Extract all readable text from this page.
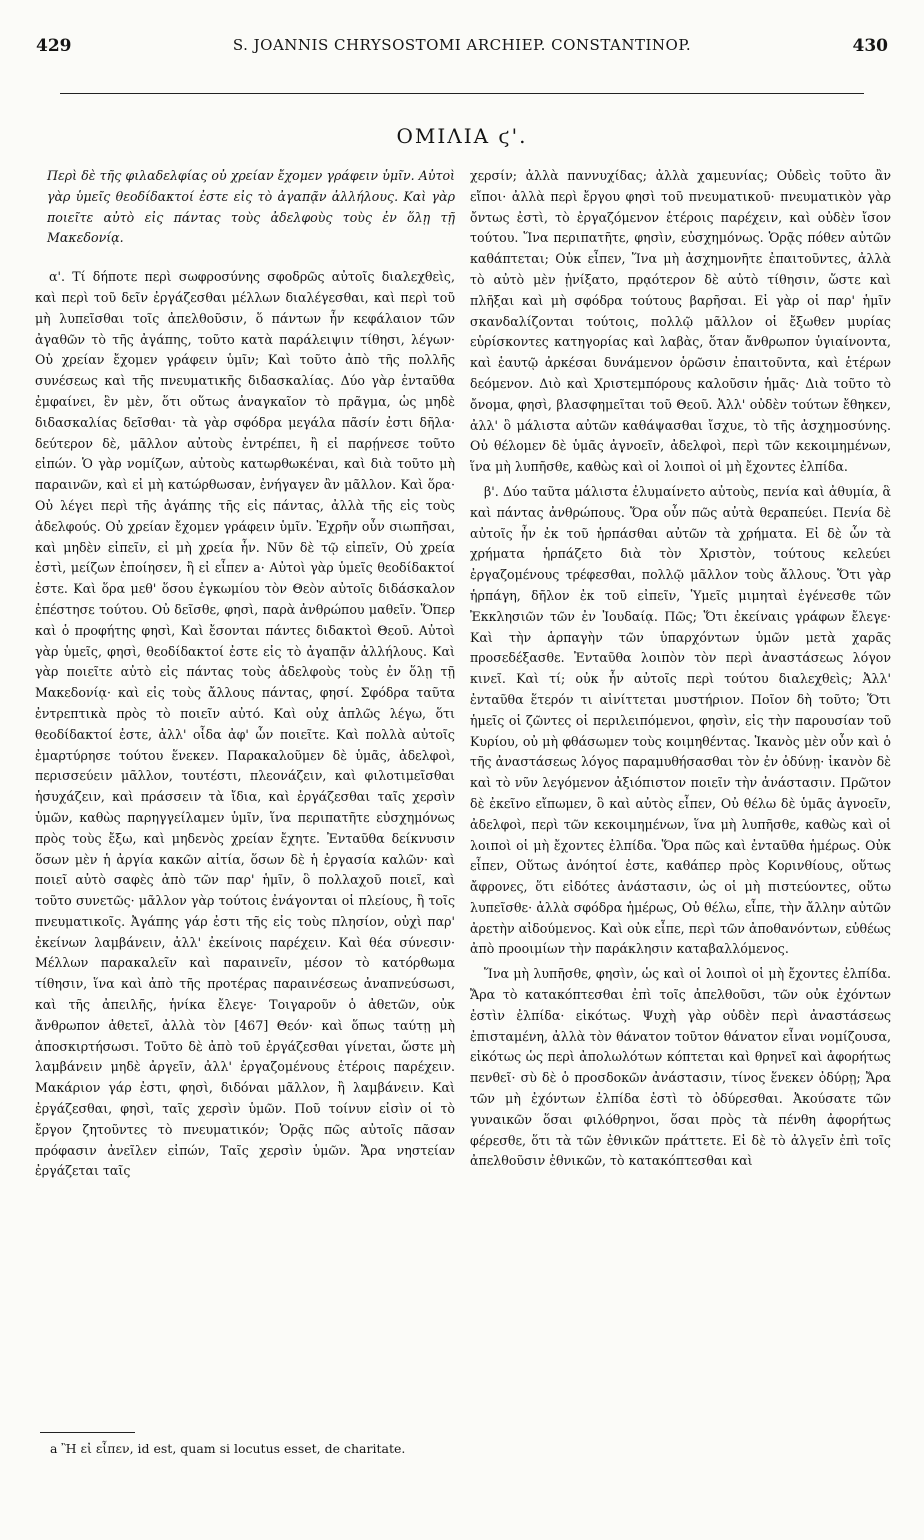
429	S. JOANNIS CHRYSOSTOMI ARCHIEP. CONSTANTINOP.	430
ΟΜΙΛΙΑ ϛ'.

Περὶ δὲ τῆς φιλαδελφίας οὐ χρείαν ἔχομεν γράφειν ὑμῖν. Αὐτοὶ γὰρ ὑμεῖς θεοδίδακτοί ἐστε εἰς τὸ ἀγαπᾷν ἀλλήλους. Καὶ γὰρ ποιεῖτε αὐτὸ εἰς πάντας τοὺς ἀδελφοὺς τοὺς ἐν ὅλῃ τῇ Μακεδονίᾳ.

α'. Τί δήποτε περὶ σωφροσύνης σφοδρῶς αὐτοῖς διαλεχθεὶς, καὶ περὶ τοῦ δεῖν ἐργάζεσθαι μέλλων διαλέγεσθαι, καὶ περὶ τοῦ μὴ λυπεῖσθαι τοῖς ἀπελθοῦσιν, ὅ πάντων ἦν κεφάλαιον τῶν ἀγαθῶν τὸ τῆς ἀγάπης, τοῦτο κατὰ παράλειψιν τίθησι, λέγων· Οὐ χρείαν ἔχομεν γράφειν ὑμῖν; Καὶ τοῦτο ἀπὸ τῆς πολλῆς συνέσεως καὶ τῆς πνευματικῆς διδασκαλίας. Δύο γὰρ ἐνταῦθα ἐμφαίνει, ἓν μὲν, ὅτι οὕτως ἀναγκαῖον τὸ πρᾶγμα, ὡς μηδὲ διδασκαλίας δεῖσθαι· τὰ γὰρ σφόδρα μεγάλα πᾶσίν ἐστι δῆλα· δεύτερον δὲ, μᾶλλον αὐτοὺς ἐντρέπει, ἢ εἰ παρῄνεσε τοῦτο εἰπών. Ὁ γὰρ νομίζων, αὐτοὺς κατωρθωκέναι, καὶ διὰ τοῦτο μὴ παραινῶν, καὶ εἰ μὴ κατώρθωσαν, ἐνήγαγεν ἂν μᾶλλον. Καὶ ὅρα· Οὐ λέγει περὶ τῆς ἀγάπης τῆς εἰς πάντας, ἀλλὰ τῆς εἰς τοὺς ἀδελφούς. Οὐ χρείαν ἔχομεν γράφειν ὑμῖν. Ἐχρῆν οὖν σιωπῆσαι, καὶ μηδὲν εἰπεῖν, εἰ μὴ χρεία ἦν. Νῦν δὲ τῷ εἰπεῖν, Οὐ χρεία ἐστὶ, μείζων ἐποίησεν, ἢ εἰ εἶπεν a· Αὐτοὶ γὰρ ὑμεῖς θεοδίδακτοί ἐστε. Καὶ ὅρα μεθ' ὅσου ἐγκωμίου τὸν Θεὸν αὐτοῖς διδάσκαλον ἐπέστησε τούτου. Οὐ δεῖσθε, φησὶ, παρὰ ἀνθρώπου μαθεῖν. Ὅπερ καὶ ὁ προφήτης φησὶ, Καὶ ἔσονται πάντες διδακτοὶ Θεοῦ. Αὐτοὶ γὰρ ὑμεῖς, φησὶ, θεοδίδακτοί ἐστε εἰς τὸ ἀγαπᾷν ἀλλήλους. Καὶ γὰρ ποιεῖτε αὐτὸ εἰς πάντας τοὺς ἀδελφοὺς τοὺς ἐν ὅλῃ τῇ Μακεδονίᾳ· καὶ εἰς τοὺς ἄλλους πάντας, φησί. Σφόδρα ταῦτα ἐντρεπτικὰ πρὸς τὸ ποιεῖν αὐτό. Καὶ οὐχ ἁπλῶς λέγω, ὅτι θεοδίδακτοί ἐστε, ἀλλ' οἶδα ἀφ' ὧν ποιεῖτε. Καὶ πολλὰ αὐτοῖς ἐμαρτύρησε τούτου ἕνεκεν. Παρακαλοῦμεν δὲ ὑμᾶς, ἀδελφοὶ, περισσεύειν μᾶλλον, τουτέστι, πλεονάζειν, καὶ φιλοτιμεῖσθαι ἡσυχάζειν, καὶ πράσσειν τὰ ἴδια, καὶ ἐργάζεσθαι ταῖς χερσὶν ὑμῶν, καθὼς παρηγγείλαμεν ὑμῖν, ἵνα περιπατῆτε εὐσχημόνως πρὸς τοὺς ἔξω, καὶ μηδενὸς χρείαν ἔχητε. Ἐνταῦθα δείκνυσιν ὅσων μὲν ἡ ἀργία κακῶν αἰτία, ὅσων δὲ ἡ ἐργασία καλῶν· καὶ ποιεῖ αὐτὸ σαφὲς ἀπὸ τῶν παρ' ἡμῖν, ὃ πολλαχοῦ ποιεῖ, καὶ τοῦτο συνετῶς· μᾶλλον γὰρ τούτοις ἐνάγονται οἱ πλείους, ἢ τοῖς πνευματικοῖς. Ἀγάπης γάρ ἐστι τῆς εἰς τοὺς πλησίον, οὐχὶ παρ' ἐκείνων λαμβάνειν, ἀλλ' ἐκείνοις παρέχειν. Καὶ θέα σύνεσιν· Μέλλων παρακαλεῖν καὶ παραινεῖν, μέσον τὸ κατόρθωμα τίθησιν, ἵνα καὶ ἀπὸ τῆς προτέρας παραινέσεως ἀναπνεύσωσι, καὶ τῆς ἀπειλῆς, ἡνίκα ἔλεγε· Τοιγαροῦν ὁ ἀθετῶν, οὐκ ἄνθρωπον ἀθετεῖ, ἀλλὰ τὸν [467] Θεόν· καὶ ὅπως ταύτῃ μὴ ἀποσκιρτήσωσι. Τοῦτο δὲ ἀπὸ τοῦ ἐργάζεσθαι γίνεται, ὥστε μὴ λαμβάνειν μηδὲ ἀργεῖν, ἀλλ' ἐργαζομένους ἑτέροις παρέχειν. Μακάριον γάρ ἐστι, φησὶ, διδόναι μᾶλλον, ἢ λαμβάνειν. Καὶ ἐργάζεσθαι, φησὶ, ταῖς χερσὶν ὑμῶν. Ποῦ τοίνυν εἰσὶν οἱ τὸ ἔργον ζητοῦντες τὸ πνευματικόν; Ὁρᾷς πῶς αὐτοῖς πᾶσαν πρόφασιν ἀνεῖλεν εἰπών, Ταῖς χερσὶν ὑμῶν. Ἄρα νηστείαν ἐργάζεται ταῖς

χερσίν; ἀλλὰ παννυχίδας; ἀλλὰ χαμευνίας; Οὐδεὶς τοῦτο ἂν εἴποι· ἀλλὰ περὶ ἔργου φησὶ τοῦ πνευματικοῦ· πνευματικὸν γὰρ ὄντως ἐστὶ, τὸ ἐργαζόμενον ἑτέροις παρέχειν, καὶ οὐδὲν ἴσον τούτου. Ἵνα περιπατῆτε, φησὶν, εὐσχημόνως. Ὁρᾷς πόθεν αὐτῶν καθάπτεται; Οὐκ εἶπεν, Ἵνα μὴ ἀσχημονῆτε ἐπαιτοῦντες, ἀλλὰ τὸ αὐτὸ μὲν ᾐνίξατο, πρᾳότερον δὲ αὐτὸ τίθησιν, ὥστε καὶ πλῆξαι καὶ μὴ σφόδρα τούτους βαρῆσαι. Εἰ γὰρ οἱ παρ' ἡμῖν σκανδαλίζονται τούτοις, πολλῷ μᾶλλον οἱ ἔξωθεν μυρίας εὑρίσκοντες κατηγορίας καὶ λαβὰς, ὅταν ἄνθρωπον ὑγιαίνοντα, καὶ ἑαυτῷ ἀρκέσαι δυνάμενον ὁρῶσιν ἐπαιτοῦντα, καὶ ἑτέρων δεόμενον. Διὸ καὶ Χριστεμπόρους καλοῦσιν ἡμᾶς· Διὰ τοῦτο τὸ ὄνομα, φησὶ, βλασφημεῖται τοῦ Θεοῦ. Ἀλλ' οὐδὲν τούτων ἔθηκεν, ἀλλ' ὃ μάλιστα αὐτῶν καθάψασθαι ἴσχυε, τὸ τῆς ἀσχημοσύνης. Οὐ θέλομεν δὲ ὑμᾶς ἀγνοεῖν, ἀδελφοὶ, περὶ τῶν κεκοιμημένων, ἵνα μὴ λυπῆσθε, καθὼς καὶ οἱ λοιποὶ οἱ μὴ ἔχοντες ἐλπίδα.

β'. Δύο ταῦτα μάλιστα ἐλυμαίνετο αὐτοὺς, πενία καὶ ἀθυμία, ἃ καὶ πάντας ἀνθρώπους. Ὅρα οὖν πῶς αὐτὰ θεραπεύει. Πενία δὲ αὐτοῖς ἦν ἐκ τοῦ ἡρπάσθαι αὐτῶν τὰ χρήματα. Εἰ δὲ ὧν τὰ χρήματα ἡρπάζετο διὰ τὸν Χριστὸν, τούτους κελεύει ἐργαζομένους τρέφεσθαι, πολλῷ μᾶλλον τοὺς ἄλλους. Ὅτι γὰρ ἡρπάγη, δῆλον ἐκ τοῦ εἰπεῖν, Ὑμεῖς μιμηταὶ ἐγένεσθε τῶν Ἐκκλησιῶν τῶν ἐν Ἰουδαίᾳ. Πῶς; Ὅτι ἐκείναις γράφων ἔλεγε· Καὶ τὴν ἁρπαγὴν τῶν ὑπαρχόντων ὑμῶν μετὰ χαρᾶς προσεδέξασθε. Ἐνταῦθα λοιπὸν τὸν περὶ ἀναστάσεως λόγον κινεῖ. Καὶ τί; οὐκ ἦν αὐτοῖς περὶ τούτου διαλεχθεὶς; Ἀλλ' ἐνταῦθα ἕτερόν τι αἰνίττεται μυστήριον. Ποῖον δὴ τοῦτο; Ὅτι ἡμεῖς οἱ ζῶντες οἱ περιλειπόμενοι, φησὶν, εἰς τὴν παρουσίαν τοῦ Κυρίου, οὐ μὴ φθάσωμεν τοὺς κοιμηθέντας. Ἱκανὸς μὲν οὖν καὶ ὁ τῆς ἀναστάσεως λόγος παραμυθήσασθαι τὸν ἐν ὀδύνῃ· ἱκανὸν δὲ καὶ τὸ νῦν λεγόμενον ἀξιόπιστον ποιεῖν τὴν ἀνάστασιν. Πρῶτον δὲ ἐκεῖνο εἴπωμεν, ὃ καὶ αὐτὸς εἶπεν, Οὐ θέλω δὲ ὑμᾶς ἀγνοεῖν, ἀδελφοὶ, περὶ τῶν κεκοιμημένων, ἵνα μὴ λυπῆσθε, καθὼς καὶ οἱ λοιποὶ οἱ μὴ ἔχοντες ἐλπίδα. Ὅρα πῶς καὶ ἐνταῦθα ἡμέρως. Οὐκ εἶπεν, Οὕτως ἀνόητοί ἐστε, καθάπερ πρὸς Κορινθίους, οὕτως ἄφρονες, ὅτι εἰδότες ἀνάστασιν, ὡς οἱ μὴ πιστεύοντες, οὕτω λυπεῖσθε· ἀλλὰ σφόδρα ἡμέρως, Οὐ θέλω, εἶπε, τὴν ἄλλην αὐτῶν ἀρετὴν αἰδούμενος. Καὶ οὐκ εἶπε, περὶ τῶν ἀποθανόντων, εὐθέως ἀπὸ προοιμίων τὴν παράκλησιν καταβαλλόμενος.

Ἵνα μὴ λυπῆσθε, φησὶν, ὡς καὶ οἱ λοιποὶ οἱ μὴ ἔχοντες ἐλπίδα. Ἄρα τὸ κατακόπτεσθαι ἐπὶ τοῖς ἀπελθοῦσι, τῶν οὐκ ἐχόντων ἐστὶν ἐλπίδα· εἰκότως. Ψυχὴ γὰρ οὐδὲν περὶ ἀναστάσεως ἐπισταμένη, ἀλλὰ τὸν θάνατον τοῦτον θάνατον εἶναι νομίζουσα, εἰκότως ὡς περὶ ἀπολωλότων κόπτεται καὶ θρηνεῖ καὶ ἀφορήτως πενθεῖ· σὺ δὲ ὁ προσδοκῶν ἀνάστασιν, τίνος ἕνεκεν ὀδύρῃ; Ἄρα τῶν μὴ ἐχόντων ἐλπίδα ἐστὶ τὸ ὀδύρεσθαι. Ἀκούσατε τῶν γυναικῶν ὅσαι φιλόθρηνοι, ὅσαι πρὸς τὰ πένθη ἀφορήτως φέρεσθε, ὅτι τὰ τῶν ἐθνικῶν πράττετε. Εἰ δὲ τὸ ἀλγεῖν ἐπὶ τοῖς ἀπελθοῦσιν ἐθνικῶν, τὸ κατακόπτεσθαι καὶ

a Ἢ εἰ εἶπεν, id est, quam si locutus esset, de charitate.
